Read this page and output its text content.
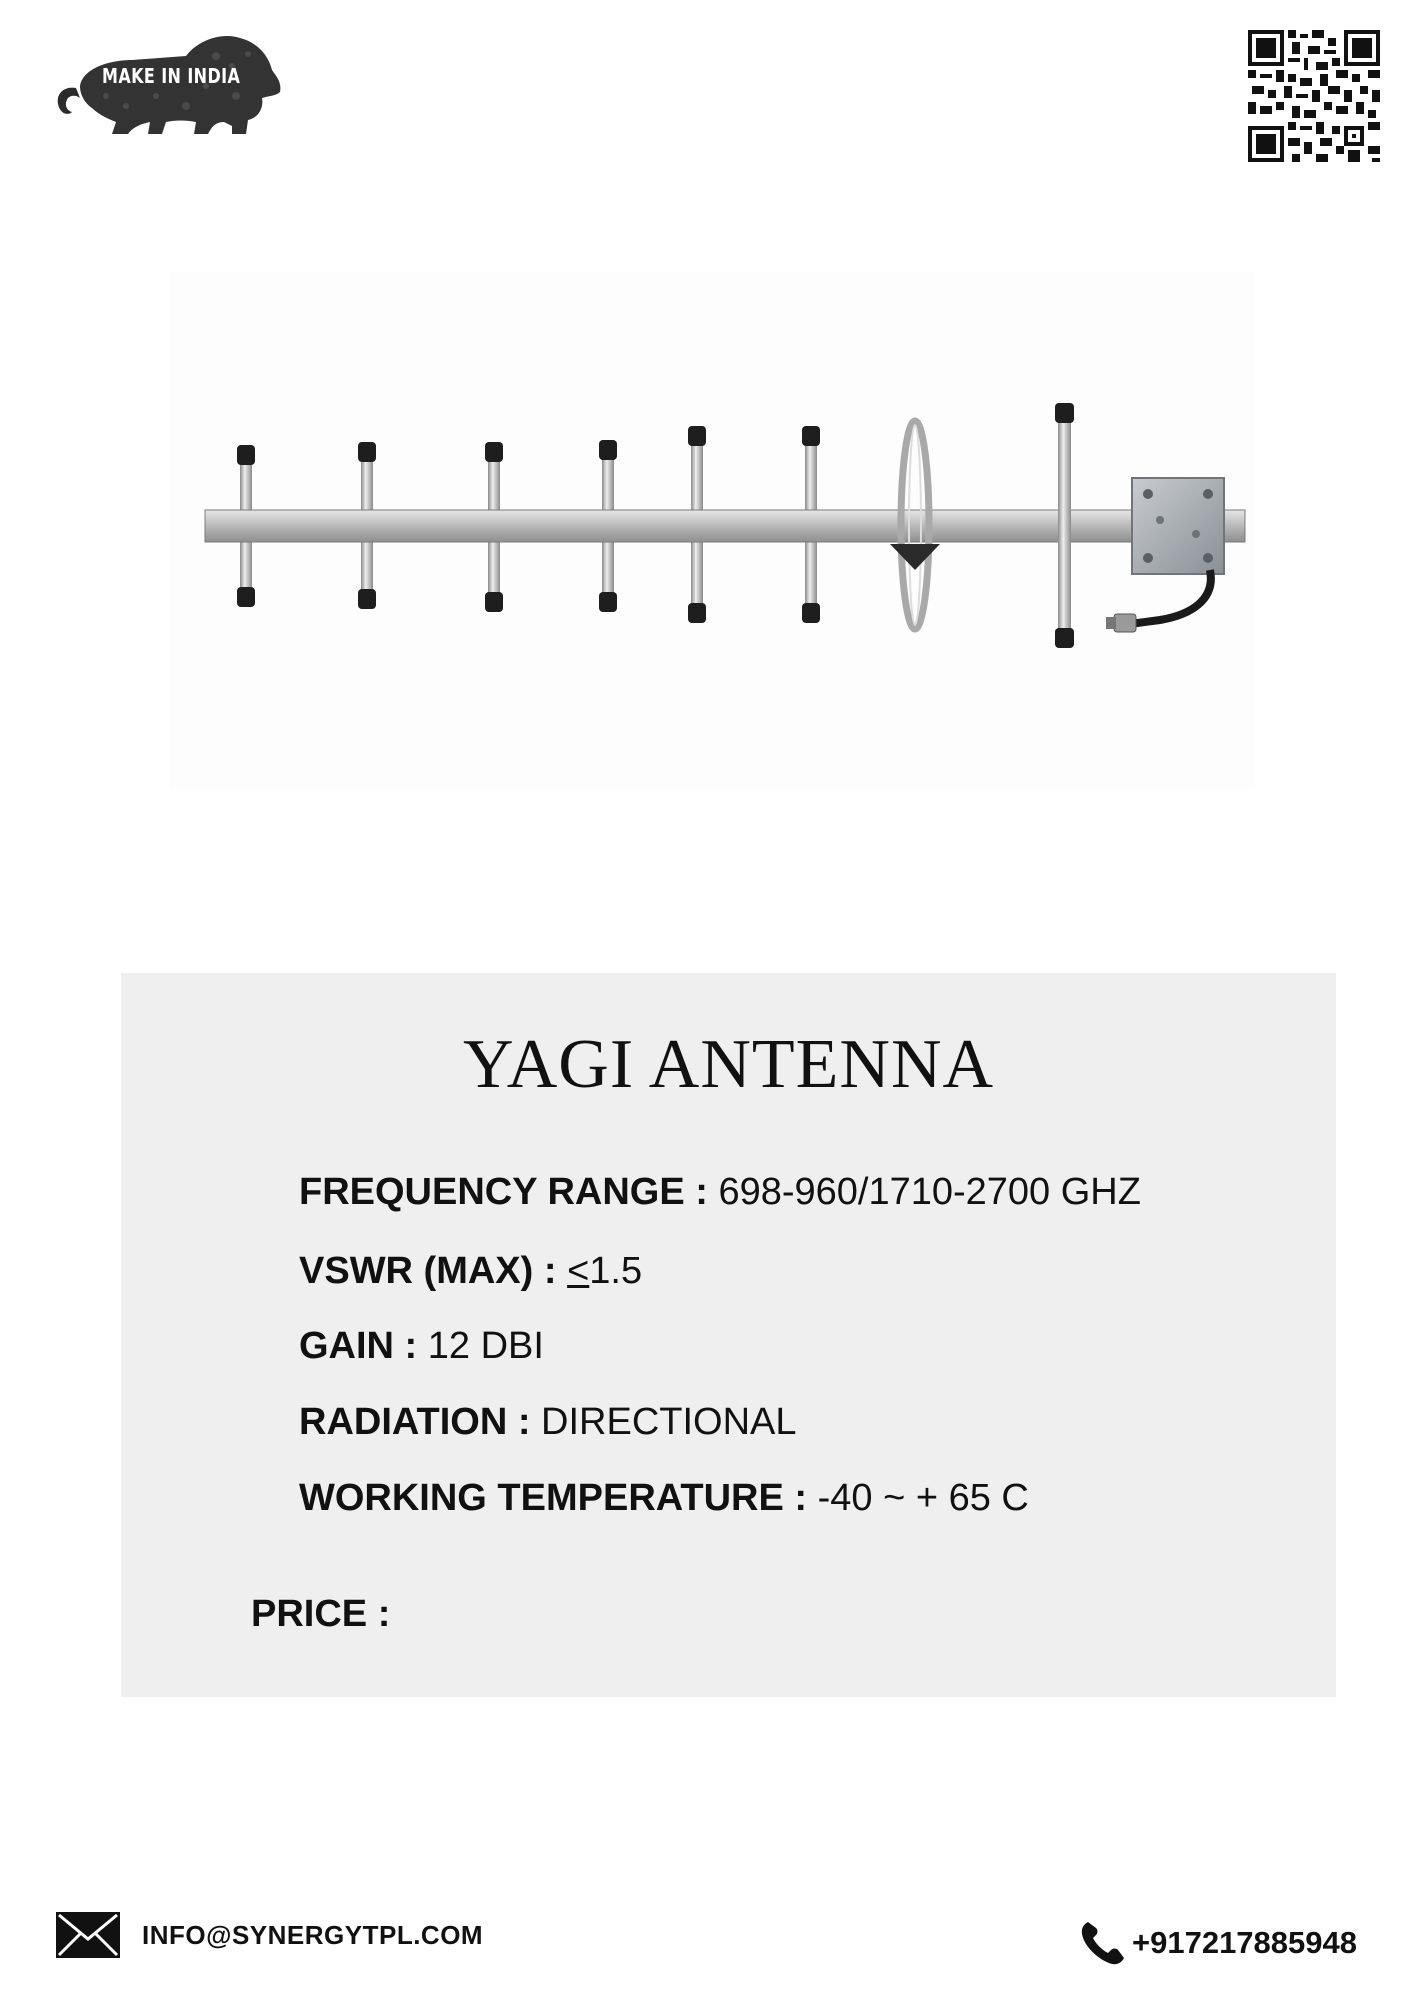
MAKE IN INDIA
YAGI ANTENNA
FREQUENCY RANGE : 698-960/1710-2700 GHZ
VSWR (MAX) : <1.5
GAIN : 12 DBI
RADIATION : DIRECTIONAL
WORKING TEMPERATURE : -40 ~ + 65 C
PRICE :
INFO@SYNERGYTPL.COM	+917217885948
